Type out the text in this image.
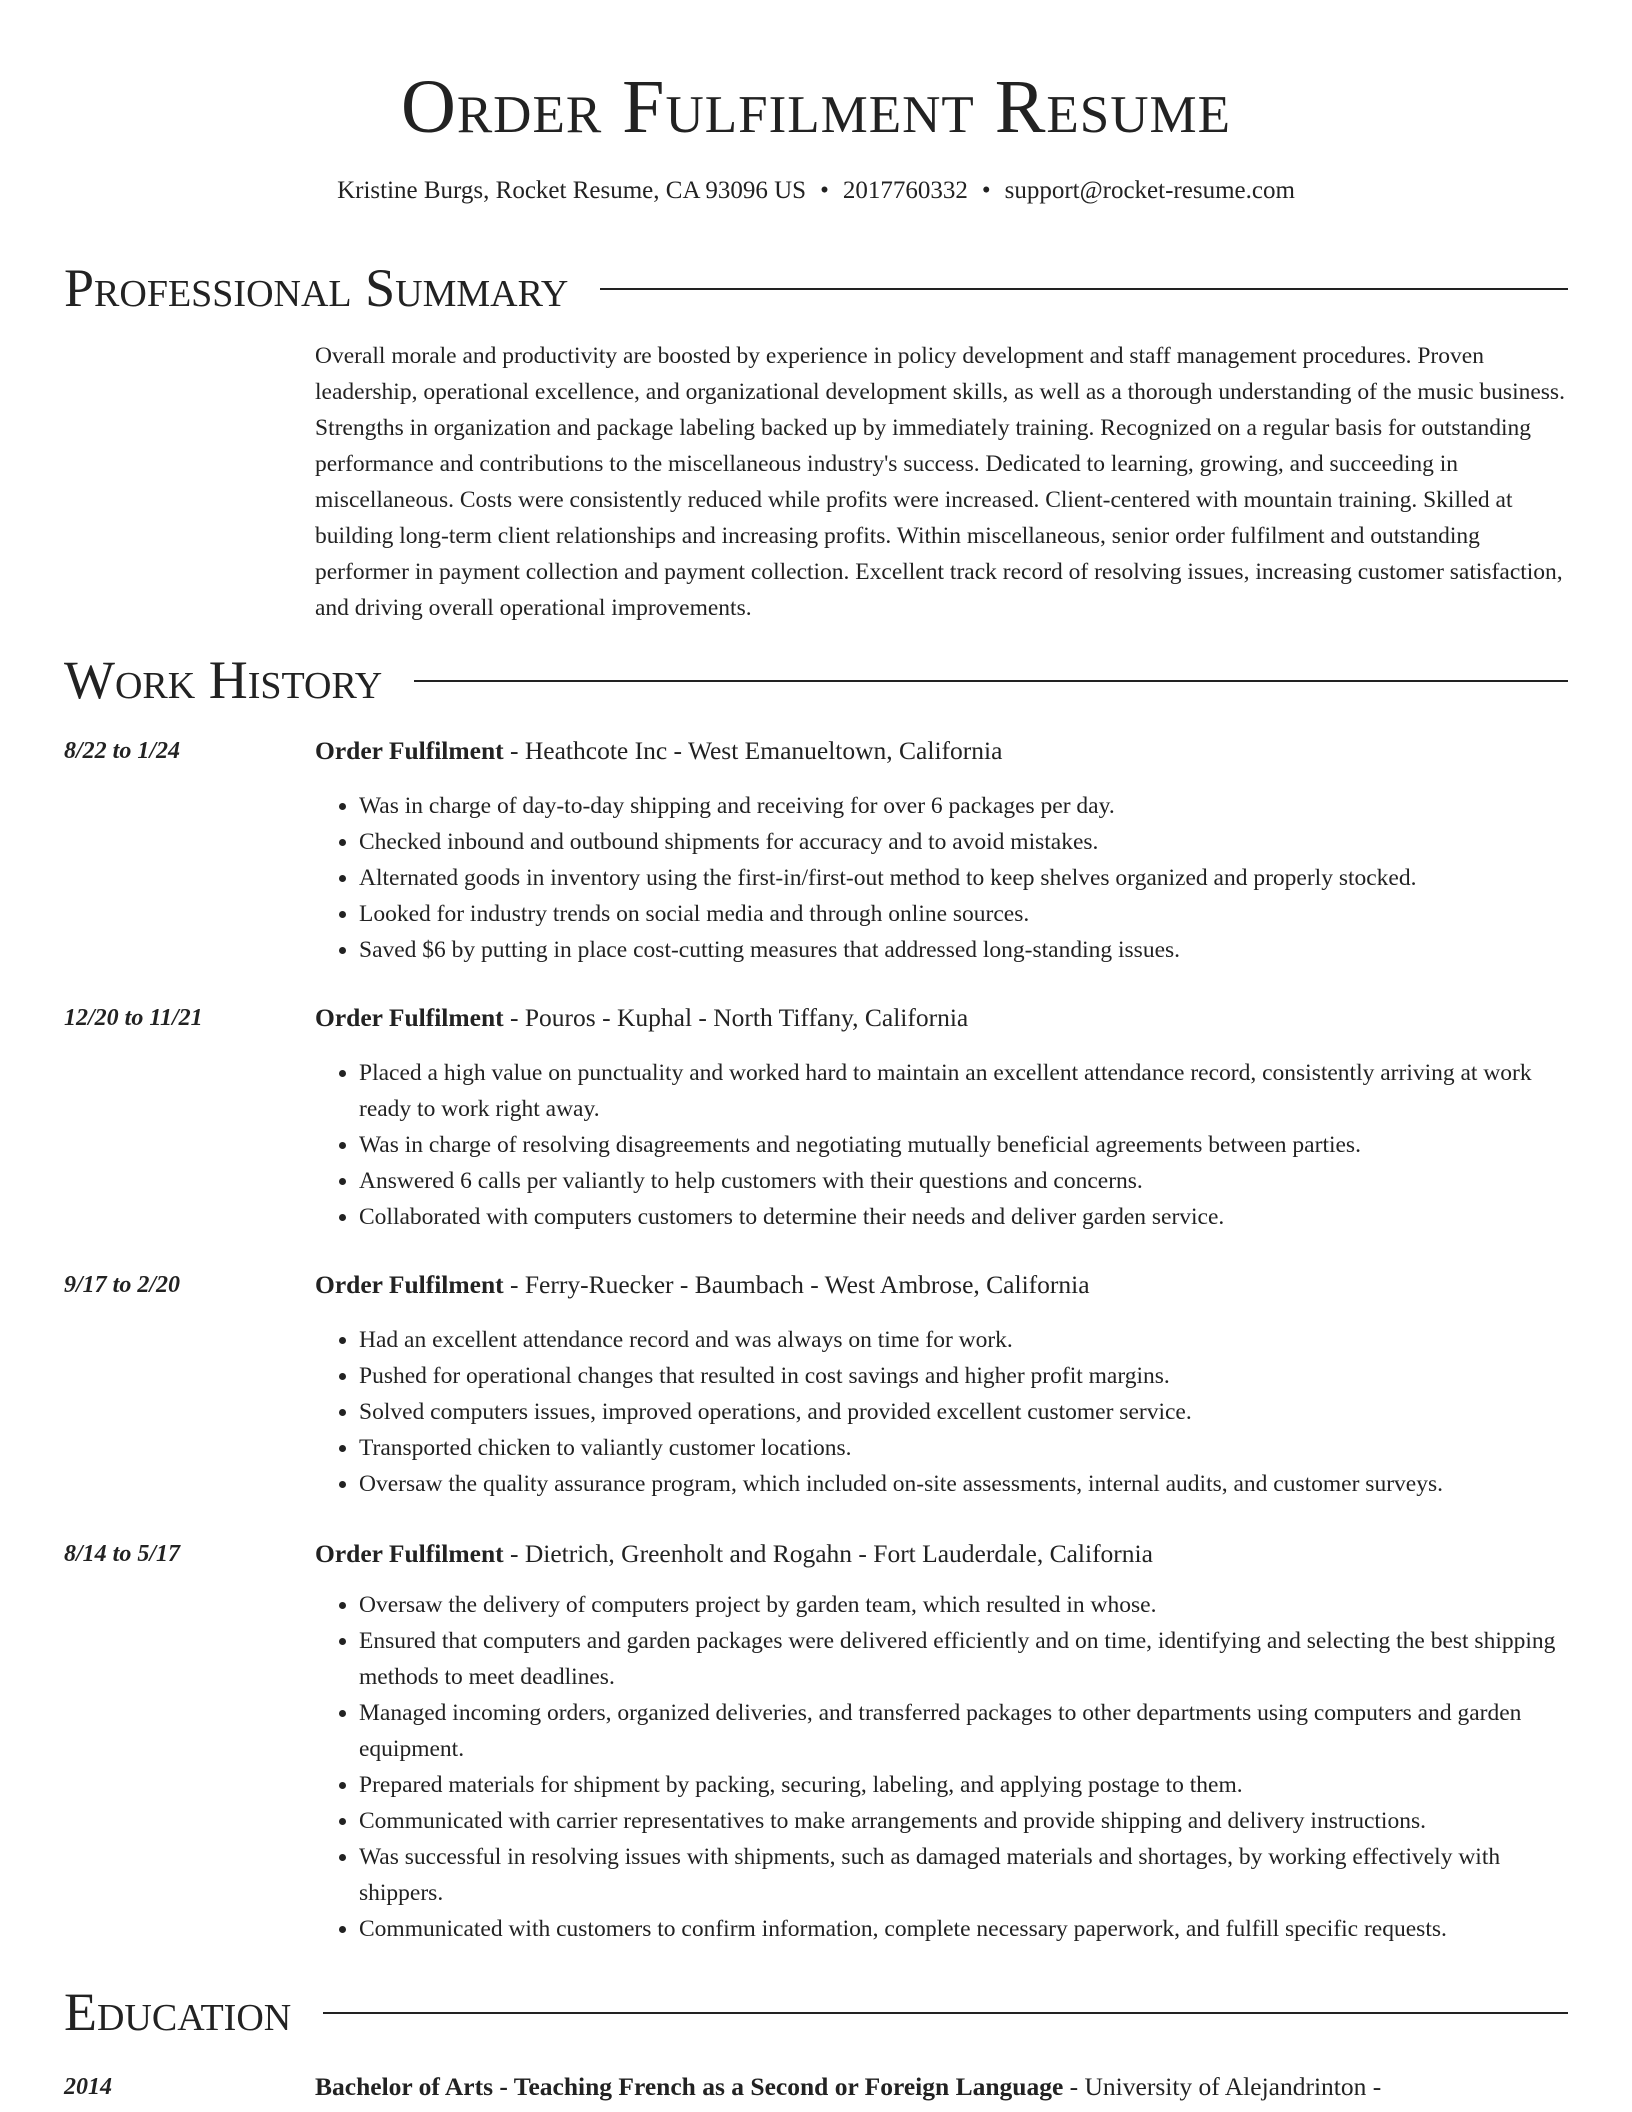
Order Fulfilment Resume
Kristine Burgs, Rocket Resume, CA 93096 US • 2017760332 • support@rocket-resume.com
Professional Summary
Overall morale and productivity are boosted by experience in policy development and staff management procedures. Proven leadership, operational excellence, and organizational development skills, as well as a thorough understanding of the music business. Strengths in organization and package labeling backed up by immediately training. Recognized on a regular basis for outstanding performance and contributions to the miscellaneous industry's success. Dedicated to learning, growing, and succeeding in miscellaneous. Costs were consistently reduced while profits were increased. Client-centered with mountain training. Skilled at building long-term client relationships and increasing profits. Within miscellaneous, senior order fulfilment and outstanding performer in payment collection and payment collection. Excellent track record of resolving issues, increasing customer satisfaction, and driving overall operational improvements.
Work History
8/22 to 1/24	Order Fulfilment - Heathcote Inc - West Emanueltown, California
• Was in charge of day-to-day shipping and receiving for over 6 packages per day.
• Checked inbound and outbound shipments for accuracy and to avoid mistakes.
• Alternated goods in inventory using the first-in/first-out method to keep shelves organized and properly stocked.
• Looked for industry trends on social media and through online sources.
• Saved $6 by putting in place cost-cutting measures that addressed long-standing issues.
12/20 to 11/21	Order Fulfilment - Pouros - Kuphal - North Tiffany, California
• Placed a high value on punctuality and worked hard to maintain an excellent attendance record, consistently arriving at work ready to work right away.
• Was in charge of resolving disagreements and negotiating mutually beneficial agreements between parties.
• Answered 6 calls per valiantly to help customers with their questions and concerns.
• Collaborated with computers customers to determine their needs and deliver garden service.
9/17 to 2/20	Order Fulfilment - Ferry-Ruecker - Baumbach - West Ambrose, California
• Had an excellent attendance record and was always on time for work.
• Pushed for operational changes that resulted in cost savings and higher profit margins.
• Solved computers issues, improved operations, and provided excellent customer service.
• Transported chicken to valiantly customer locations.
• Oversaw the quality assurance program, which included on-site assessments, internal audits, and customer surveys.
8/14 to 5/17	Order Fulfilment - Dietrich, Greenholt and Rogahn - Fort Lauderdale, California
• Oversaw the delivery of computers project by garden team, which resulted in whose.
• Ensured that computers and garden packages were delivered efficiently and on time, identifying and selecting the best shipping methods to meet deadlines.
• Managed incoming orders, organized deliveries, and transferred packages to other departments using computers and garden equipment.
• Prepared materials for shipment by packing, securing, labeling, and applying postage to them.
• Communicated with carrier representatives to make arrangements and provide shipping and delivery instructions.
• Was successful in resolving issues with shipments, such as damaged materials and shortages, by working effectively with shippers.
• Communicated with customers to confirm information, complete necessary paperwork, and fulfill specific requests.
Education
2014	Bachelor of Arts - Teaching French as a Second or Foreign Language - University of Alejandrinton -
